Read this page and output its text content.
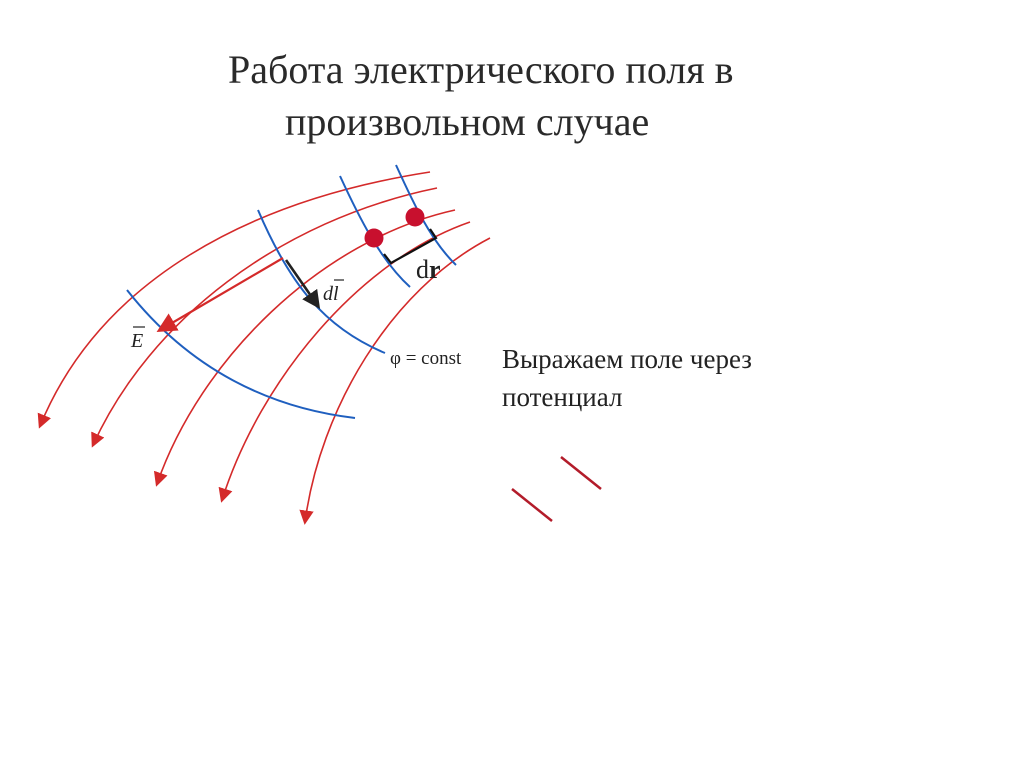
Работа электрического поля в
произвольном случае
dr
dl
E
φ = const Выражаем поле через
потенциал
